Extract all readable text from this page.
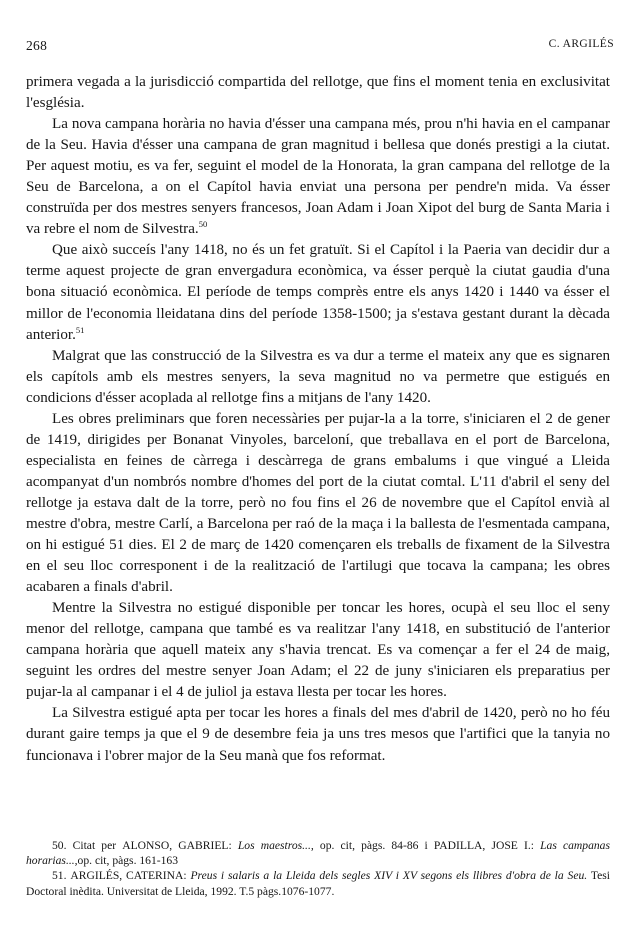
268	C. ARGILÉS

primera vegada a la jurisdicció compartida del rellotge, que fins el moment tenia en exclusivitat l'església.

La nova campana horària no havia d'ésser una campana més, prou n'hi havia en el campanar de la Seu. Havia d'ésser una campana de gran magnitud i bellesa que donés prestigi a la ciutat. Per aquest motiu, es va fer, seguint el model de la Honorata, la gran campana del rellotge de la Seu de Barcelona, a on el Capítol havia enviat una persona per pendre'n mida. Va ésser construïda per dos mestres senyers francesos, Joan Adam i Joan Xipot del burg de Santa Maria i va rebre el nom de Silvestra.$^{50}$

Que això succeís l'any 1418, no és un fet gratuït. Si el Capítol i la Paeria van decidir dur a terme aquest projecte de gran envergadura econòmica, va ésser perquè la ciutat gaudia d'una bona situació econòmica. El període de temps comprès entre els anys 1420 i 1440 va ésser el millor de l'economia lleidatana dins del període 1358-1500; ja s'estava gestant durant la dècada anterior.$^{51}$

Malgrat que las construcció de la Silvestra es va dur a terme el mateix any que es signaren els capítols amb els mestres senyers, la seva magnitud no va permetre que estigués en condicions d'ésser acoplada al rellotge fins a mitjans de l'any 1420.

Les obres preliminars que foren necessàries per pujar-la a la torre, s'iniciaren el 2 de gener de 1419, dirigides per Bonanat Vinyoles, barceloní, que treballava en el port de Barcelona, especialista en feines de càrrega i descàrrega de grans embalums i que vingué a Lleida acompanyat d'un nombrós nombre d'homes del port de la ciutat comtal. L'11 d'abril el seny del rellotge ja estava dalt de la torre, però no fou fins el 26 de novembre que el Capítol envià al mestre d'obra, mestre Carlí, a Barcelona per raó de la maça i la ballesta de l'esmentada campana, on hi estigué 51 dies. El 2 de març de 1420 començaren els treballs de fixament de la Silvestra en el seu lloc corresponent i de la realització de l'artilugi que tocava la campana; les obres acabaren a finals d'abril.

Mentre la Silvestra no estigué disponible per toncar les hores, ocupà el seu lloc el seny menor del rellotge, campana que també es va realitzar l'any 1418, en substitució de l'anterior campana horària que aquell mateix any s'havia trencat. Es va començar a fer el 24 de maig, seguint les ordres del mestre senyer Joan Adam; el 22 de juny s'iniciaren els preparatius per pujar-la al campanar i el 4 de juliol ja estava llesta per tocar les hores.

La Silvestra estigué apta per tocar les hores a finals del mes d'abril de 1420, però no ho féu durant gaire temps ja que el 9 de desembre feia ja uns tres mesos que l'artifici que la tanyia no funcionava i l'obrer major de la Seu manà que fos reformat.

50. Citat per ALONSO, GABRIEL: Los maestros..., op. cit, pàgs. 84-86 i PADILLA, JOSE I.: Las campanas horarias...,op. cit, pàgs. 161-163

51. ARGILÉS, CATERINA: Preus i salaris a la Lleida dels segles XIV i XV segons els llibres d'obra de la Seu. Tesi Doctoral inèdita. Universitat de Lleida, 1992. T.5 pàgs.1076-1077.
